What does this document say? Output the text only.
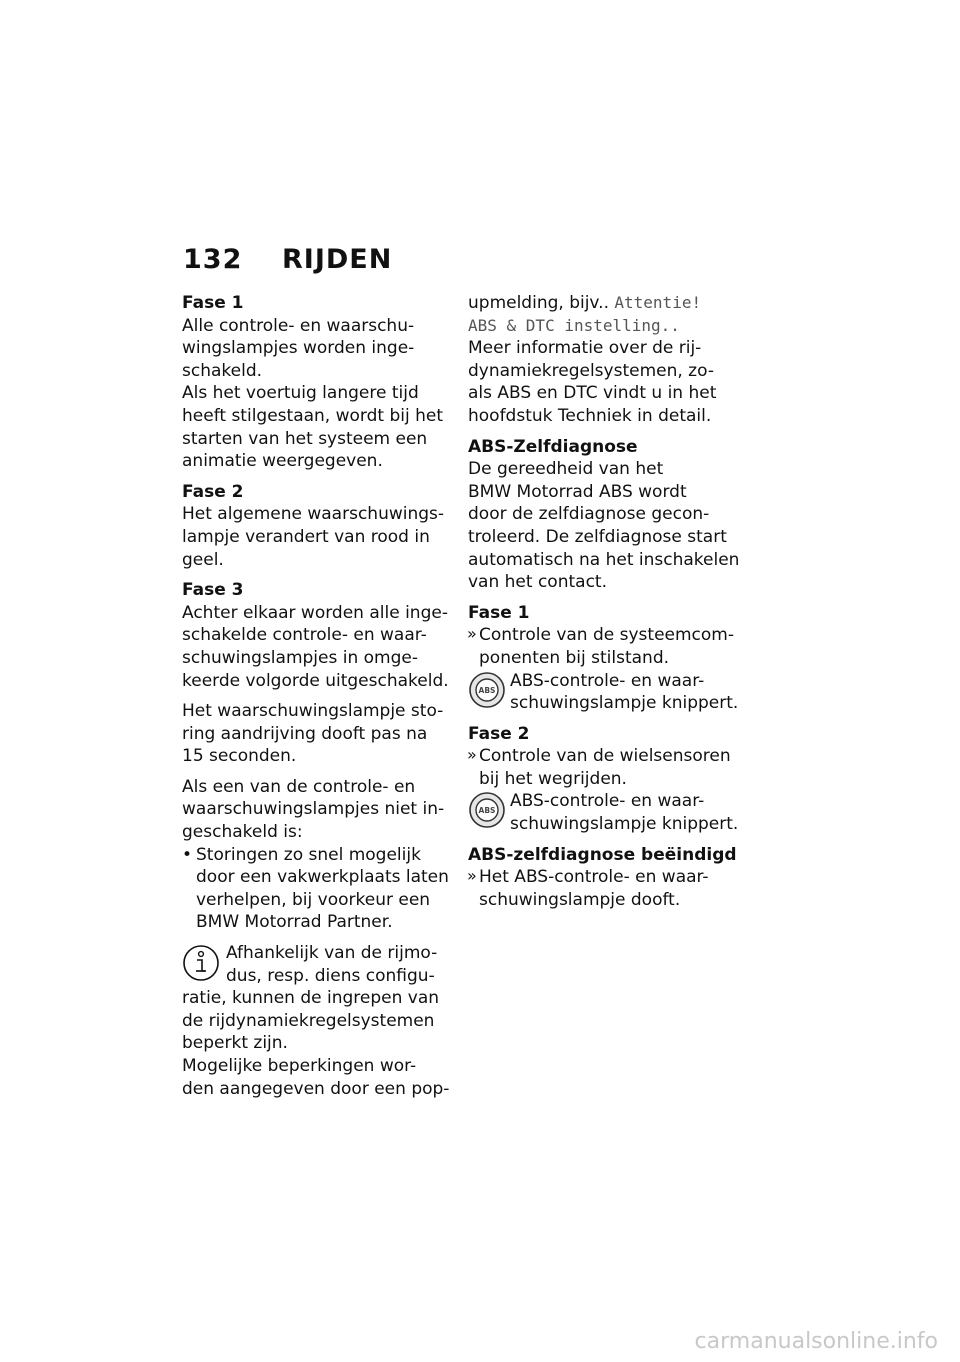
132 RIJDEN
Fase 1
Alle controle- en waarschu-
wingslampjes worden inge-
schakeld.
Als het voertuig langere tijd
heeft stilgestaan, wordt bij het
starten van het systeem een
animatie weergegeven.
Fase 2
Het algemene waarschuwings-
lampje verandert van rood in
geel.
Fase 3
Achter elkaar worden alle inge-
schakelde controle- en waar-
schuwingslampjes in omge-
keerde volgorde uitgeschakeld.
Het waarschuwingslampje sto-
ring aandrijving dooft pas na
15 seconden.
Als een van de controle- en
waarschuwingslampjes niet in-
geschakeld is:
• Storingen zo snel mogelijk
door een vakwerkplaats laten
verhelpen, bij voorkeur een
BMW Motorrad Partner.
Afhankelijk van de rijmo-
dus, resp. diens configu-
ratie, kunnen de ingrepen van
de rijdynamiekregelsystemen
beperkt zijn.
Mogelijke beperkingen wor-
den aangegeven door een pop-
upmelding, bijv.. Attentie!
ABS & DTC instelling..
Meer informatie over de rij-
dynamiekregelsystemen, zo-
als ABS en DTC vindt u in het
hoofdstuk Techniek in detail.
ABS-Zelfdiagnose
De gereedheid van het
BMW Motorrad ABS wordt
door de zelfdiagnose gecon-
troleerd. De zelfdiagnose start
automatisch na het inschakelen
van het contact.
Fase 1
» Controle van de systeemcom-
ponenten bij stilstand.
ABS ABS-controle- en waar-
schuwingslampje knippert.
Fase 2
» Controle van de wielsensoren
bij het wegrijden.
ABS ABS-controle- en waar-
schuwingslampje knippert.
ABS-zelfdiagnose beëindigd
» Het ABS-controle- en waar-
schuwingslampje dooft.
carmanualsonline.info
